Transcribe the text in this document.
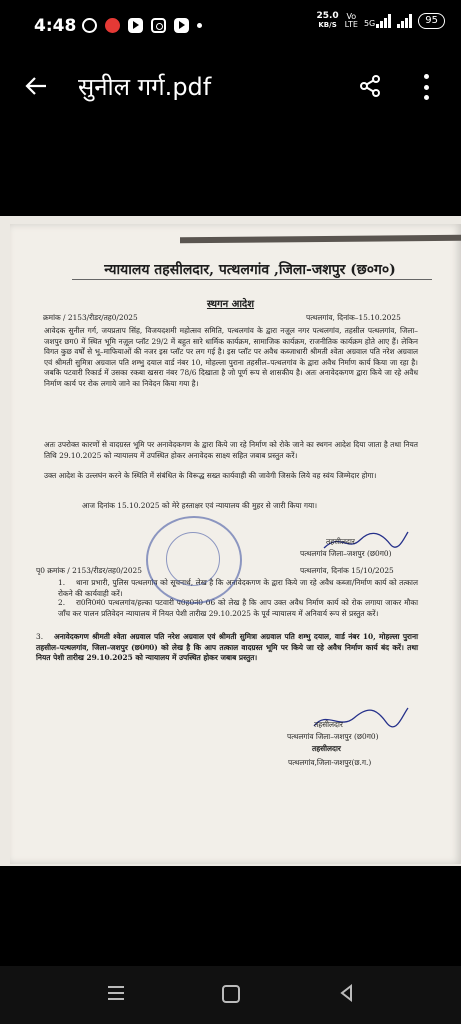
4:48	25.0
KB/S
Vo
LTE 5G	95
सुनील गर्ग.pdf
न्यायालय तहसीलदार, पत्थलगांव ,जिला-जशपुर (छ०ग०)
स्थगन आदेश
क्रमांक / 2153/रीडर/तह0/2025	पत्थलगांव, दिनांक–15.10.2025
आवेदक सुनील गर्ग, जयप्रताप सिंह, विजयदशमी महोत्सव समिति, पत्थलगांव के द्वारा नज़ूल नगर पत्थलगांव, तहसील पत्थलगांव, जिला–जशपुर छग0 में स्थित भूमि नज़ूल प्लॉट 29/2 में बहुत सारे धार्मिक कार्यक्रम, सामाजिक कार्यक्रम, राजनीतिक कार्यक्रम होते आए हैं। लेकिन विगत कुछ वर्षों से भू–माफियाओं की नजर इस प्लॉट पर लग गई है। इस प्लॉट पर अवैध कब्जाधारी श्रीमती श्वेता अग्रवाल पति नरेश अग्रवाल एवं श्रीमती सुमित्रा अग्रवाल पति शम्भु दयाल वार्ड नंबर 10, मोहल्ला पुराना तहसील–पत्थलगांव के द्वारा अवैध निर्माण कार्य किया जा रहा है। जबकि पटवारी रिकार्ड में उसका रकबा खसरा नंबर 78/6 दिखाता है जो पूर्ण रूप से शासकीय है। अतः अनावेदकगण द्वारा किये जा रहे अवैध निर्माण कार्य पर रोक लगाये जाने का निवेदन किया गया है।
अतः उपरोक्त कारणों से वादग्रस्त भूमि पर अनावेदकगण के द्वारा किये जा रहे निर्माण को रोके जाने का स्थगन आदेश दिया जाता है तथा नियत तिथि 29.10.2025 को न्यायालय में उपस्थित होकर अनावेदक साक्ष्य सहित जबाब प्रस्तुत करें।
उक्त आदेश के उल्लघंन करने के स्थिति में संबंधित के विरूद्ध सख्त कार्यवाही की जावेगी जिसके लिये वह स्वंय जिम्मेदार होगा।
आज दिनांक 15.10.2025 को मेरे हस्ताक्षर एवं न्यायालय की मुहर से जारी किया गया।
तहसीलदार
पत्थलगांव जिला–जशपुर (छ0ग0)
पृ0 क्रमांक / 2153/रीडर/तह0/2025	पत्थलगांव, दिनांक 15/10/2025
1. थाना प्रभारी, पुलिस पत्थलगांव को सूचनार्थ, लेख है कि अनावेदकगण के द्वारा किये जा रहे अवैध कब्जा/निर्माण कार्य को तत्काल रोकने की कार्यवाही करें।
2. रा0नि0मं0 पत्थलगांव/हल्का पटवारी प0ह0नं0 06 को लेख है कि आप उक्त अवैध निर्माण कार्य को रोक लगाया जाकर मौका जाँच कर पालन प्रतिवेदन न्यायालय में नियत पेशी तारीख 29.10.2025 के पूर्व न्यायालय में अनिवार्य रूप से प्रस्तुत करें।
3. अनावेदकगण श्रीमती श्वेता अग्रवाल पति नरेश अग्रवाल एवं श्रीमती सुमित्रा अग्रवाल पति शम्भु दयाल, वार्ड नंबर 10, मोहल्ला पुराना तहसील–पत्थलगांव, जिला–जशपुर (छ0ग0) को लेख है कि आप तत्काल वादग्रस्त भूमि पर किये जा रहे अवैध निर्माण कार्य बंद करें। तथा नियत पेशी तारीख 29.10.2025 को न्यायालय में उपस्थित होकर जबाब प्रस्तुत।
तहसीलदार
पत्थलगांव जिला–जशपुर (छ0ग0)
तहसीलदार
पत्थलगांव,जिला-जशपुर(छ.ग.)
